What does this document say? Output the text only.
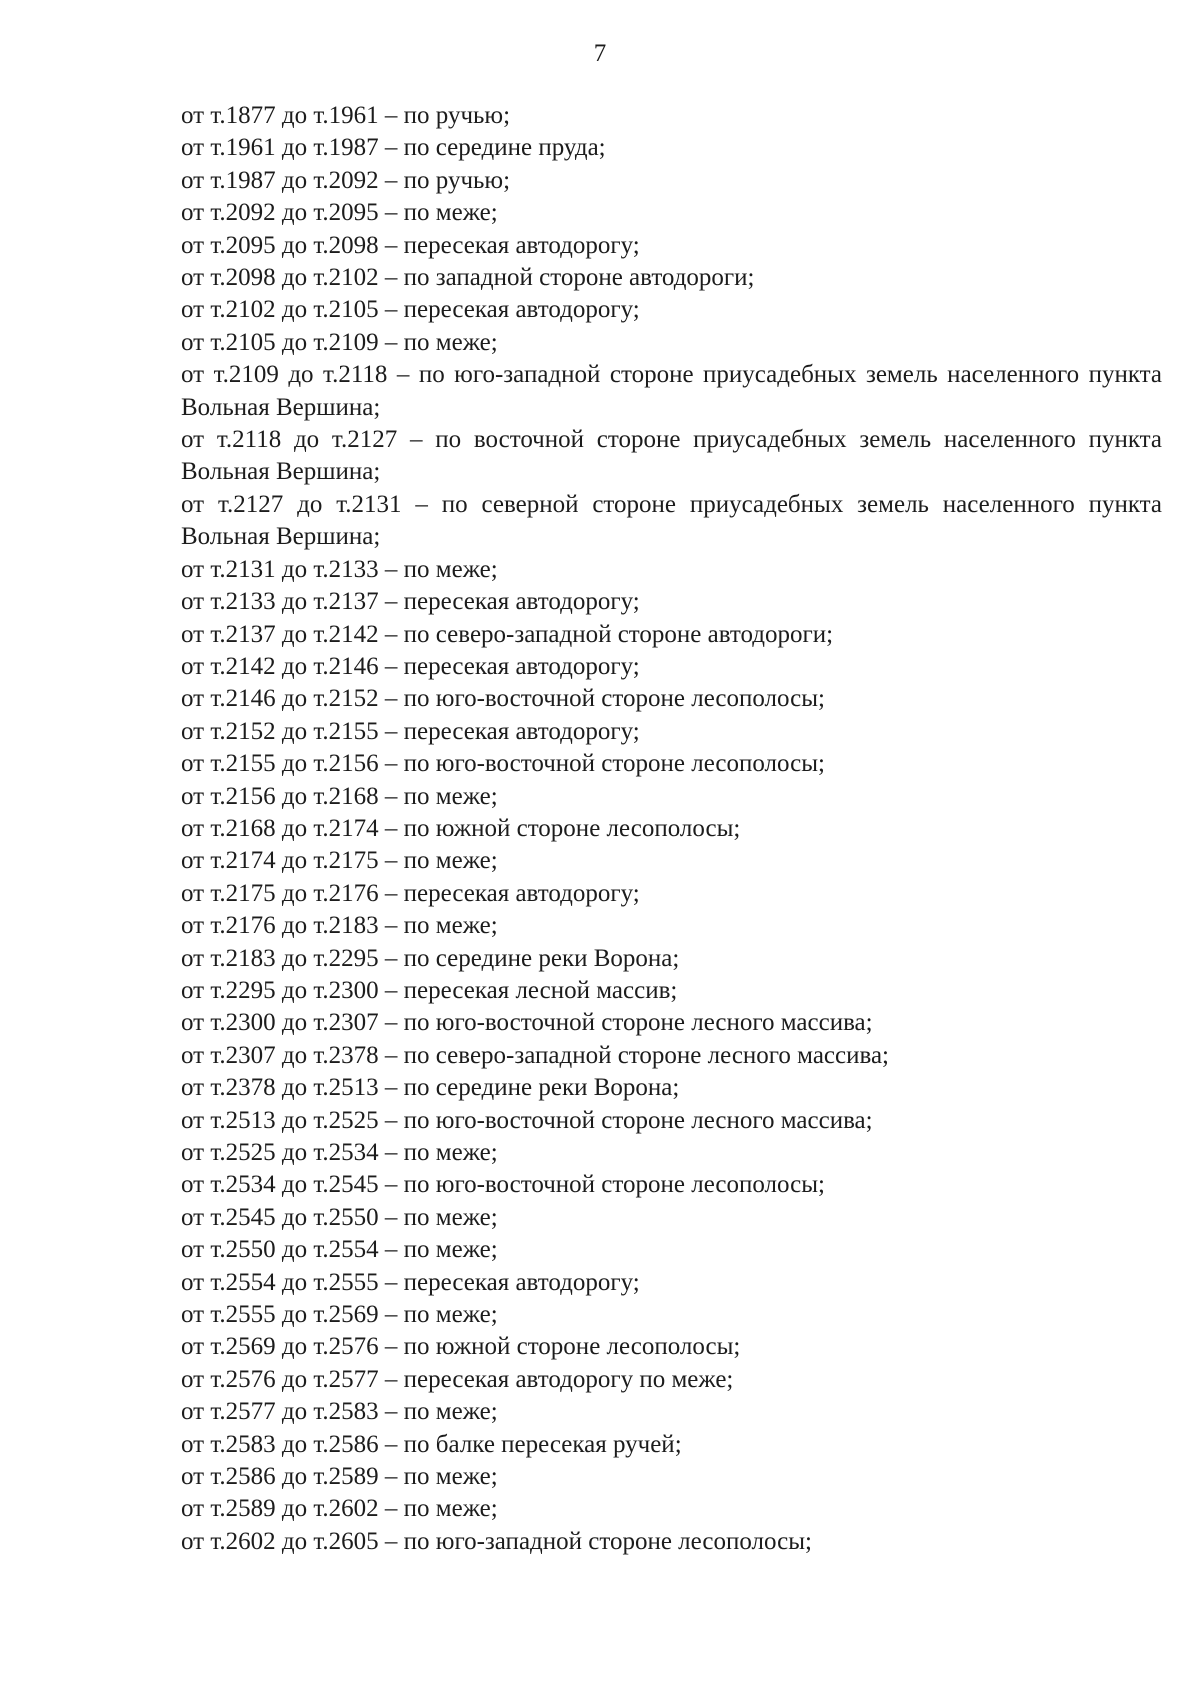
7

от т.1877 до т.1961 – по ручью;

от т.1961 до т.1987 – по середине пруда;

от т.1987 до т.2092 – по ручью;

от т.2092 до т.2095 – по меже;

от т.2095 до т.2098 – пересекая автодорогу;

от т.2098 до т.2102 – по западной стороне автодороги;

от т.2102 до т.2105 – пересекая автодорогу;

от т.2105 до т.2109 – по меже;

от т.2109 до т.2118 – по юго-западной стороне приусадебных земель населенного пункта Вольная Вершина;

от т.2118 до т.2127 – по восточной стороне приусадебных земель населенного пункта Вольная Вершина;

от т.2127 до т.2131 – по северной стороне приусадебных земель населенного пункта Вольная Вершина;

от т.2131 до т.2133 – по меже;

от т.2133 до т.2137 – пересекая автодорогу;

от т.2137 до т.2142 – по северо-западной стороне автодороги;

от т.2142 до т.2146 – пересекая автодорогу;

от т.2146 до т.2152 – по юго-восточной стороне лесополосы;

от т.2152 до т.2155 – пересекая автодорогу;

от т.2155 до т.2156 – по юго-восточной стороне лесополосы;

от т.2156 до т.2168 – по меже;

от т.2168 до т.2174 – по южной стороне лесополосы;

от т.2174 до т.2175 – по меже;

от т.2175 до т.2176 – пересекая автодорогу;

от т.2176 до т.2183 – по меже;

от т.2183 до т.2295 – по середине реки Ворона;

от т.2295 до т.2300 – пересекая лесной массив;

от т.2300 до т.2307 – по юго-восточной стороне лесного массива;

от т.2307 до т.2378 – по северо-западной стороне лесного массива;

от т.2378 до т.2513 – по середине реки Ворона;

от т.2513 до т.2525 – по юго-восточной стороне лесного массива;

от т.2525 до т.2534 – по меже;

от т.2534 до т.2545 – по юго-восточной стороне лесополосы;

от т.2545 до т.2550 – по меже;

от т.2550 до т.2554 – по меже;

от т.2554 до т.2555 – пересекая автодорогу;

от т.2555 до т.2569 – по меже;

от т.2569 до т.2576 – по южной стороне лесополосы;

от т.2576 до т.2577 – пересекая автодорогу по меже;

от т.2577 до т.2583 – по меже;

от т.2583 до т.2586 – по балке пересекая ручей;

от т.2586 до т.2589 – по меже;

от т.2589 до т.2602 – по меже;

от т.2602 до т.2605 – по юго-западной стороне лесополосы;
